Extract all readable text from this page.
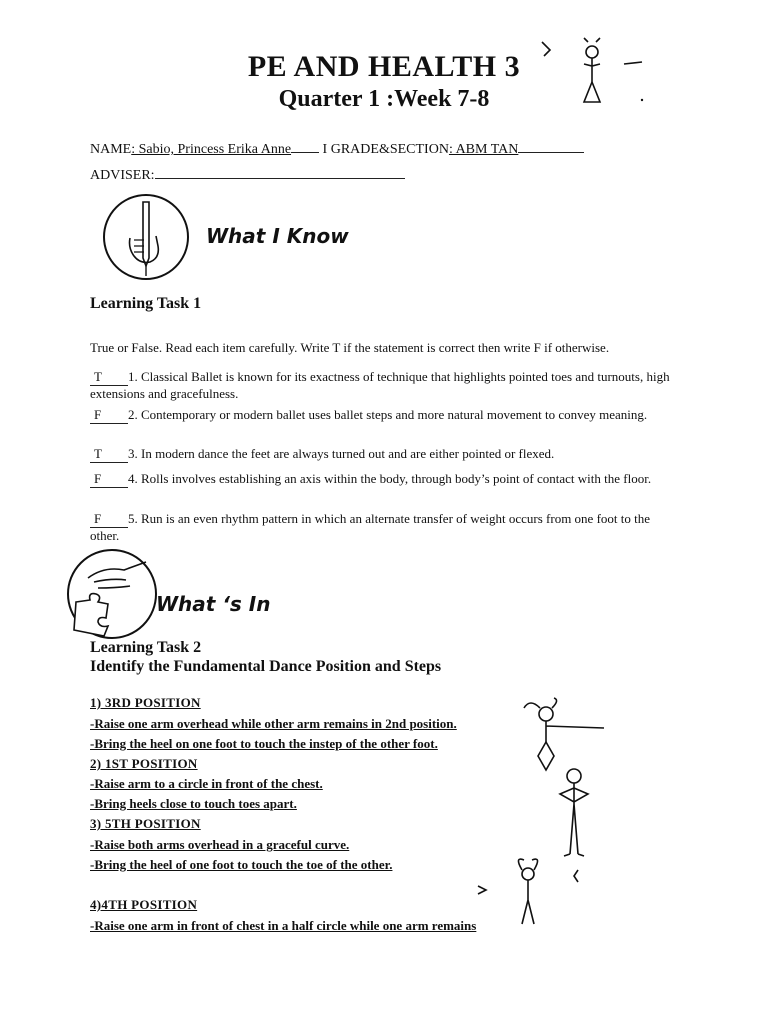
PE AND HEALTH 3
Quarter 1 :Week 7-8
NAME: Sabio, Princess Erika Anne I GRADE&SECTION: ABM TAN
ADVISER:
What I Know
Learning Task 1
True or False. Read each item carefully. Write T if the statement is correct then write F if otherwise.
T 1. Classical Ballet is known for its exactness of technique that highlights pointed toes and turnouts, high extensions and gracefulness.
F 2. Contemporary or modern ballet uses ballet steps and more natural movement to convey meaning.
T 3. In modern dance the feet are always turned out and are either pointed or flexed.
F 4. Rolls involves establishing an axis within the body, through body’s point of contact with the floor.
F 5. Run is an even rhythm pattern in which an alternate transfer of weight occurs from one foot to the other.
What ‘s In
Learning Task 2
Identify the Fundamental Dance Position and Steps
1) 3RD POSITION
-Raise one arm overhead while other arm remains in 2nd position.
-Bring the heel on one foot to touch the instep of the other foot.
2) 1ST POSITION
-Raise arm to a circle in front of the chest.
-Bring heels close to touch toes apart.
3) 5TH POSITION
-Raise both arms overhead in a graceful curve.
-Bring the heel of one foot to touch the toe of the other.
4)4TH POSITION
-Raise one arm in front of chest in a half circle while one arm remains
